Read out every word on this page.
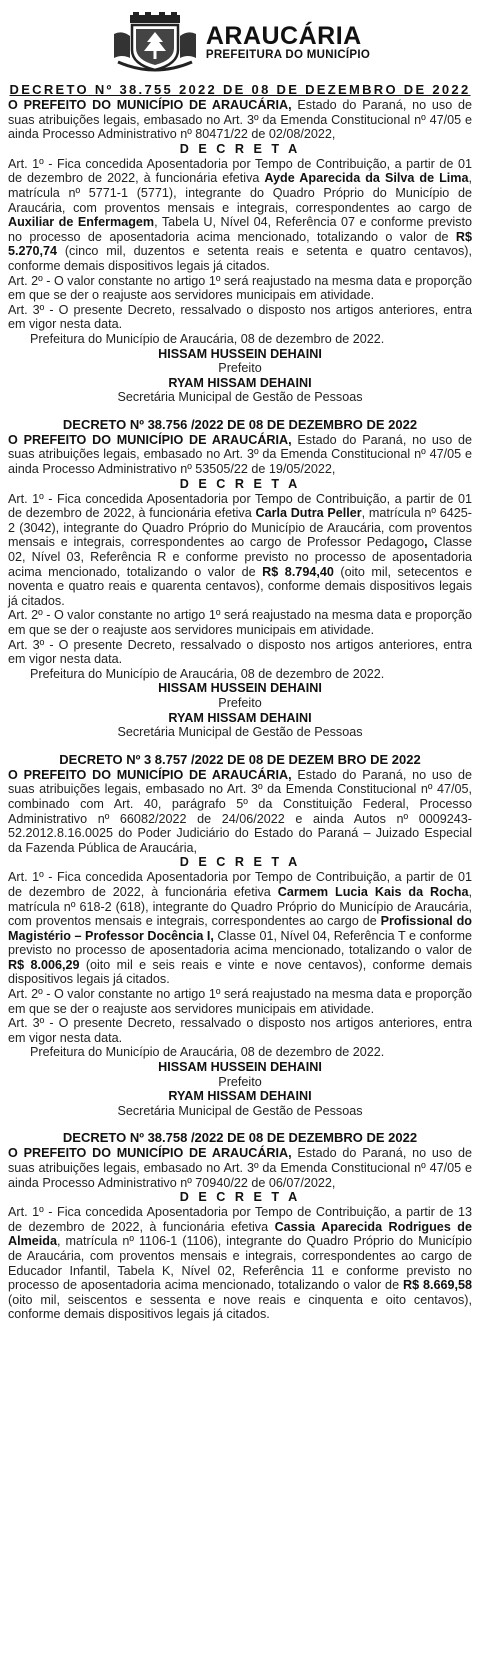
ARAUCÁRIA
PREFEITURA DO MUNICÍPIO
DECRETO Nº 38.755 2022 DE 08 DE DEZEMBRO DE 2022

O PREFEITO DO MUNICÍPIO DE ARAUCÁRIA, Estado do Paraná, no uso de suas atribuições legais, embasado no Art. 3º da Emenda Constitucional nº 47/05 e ainda Processo Administrativo nº 80471/22 de 02/08/2022,

D E C R E T A

Art. 1º - Fica concedida Aposentadoria por Tempo de Contribuição, a partir de 01 de dezembro de 2022, à funcionária efetiva Ayde Aparecida da Silva de Lima, matrícula nº 5771-1 (5771), integrante do Quadro Próprio do Município de Araucária, com proventos mensais e integrais, correspondentes ao cargo de Auxiliar de Enfermagem, Tabela U, Nível 04, Referência 07 e conforme previsto no processo de aposentadoria acima mencionado, totalizando o valor de R$ 5.270,74 (cinco mil, duzentos e setenta reais e setenta e quatro centavos), conforme demais dispositivos legais já citados.

Art. 2º - O valor constante no artigo 1º será reajustado na mesma data e proporção em que se der o reajuste aos servidores municipais em atividade.

Art. 3º - O presente Decreto, ressalvado o disposto nos artigos anteriores, entra em vigor nesta data.

Prefeitura do Município de Araucária, 08 de dezembro de 2022.
HISSAM HUSSEIN DEHAINI
Prefeito
RYAM HISSAM DEHAINI
Secretária Municipal de Gestão de Pessoas
DECRETO Nº 38.756 /2022 DE 08 DE DEZEMBRO DE 2022

O PREFEITO DO MUNICÍPIO DE ARAUCÁRIA, Estado do Paraná, no uso de suas atribuições legais, embasado no Art. 3º da Emenda Constitucional nº 47/05 e ainda Processo Administrativo nº 53505/22 de 19/05/2022,

D E C R E T A

Art. 1º - Fica concedida Aposentadoria por Tempo de Contribuição, a partir de 01 de dezembro de 2022, à funcionária efetiva Carla Dutra Peller, matrícula nº 6425-2 (3042), integrante do Quadro Próprio do Município de Araucária, com proventos mensais e integrais, correspondentes ao cargo de Professor Pedagogo, Classe 02, Nível 03, Referência R e conforme previsto no processo de aposentadoria acima mencionado, totalizando o valor de R$ 8.794,40 (oito mil, setecentos e noventa e quatro reais e quarenta centavos), conforme demais dispositivos legais já citados.

Art. 2º - O valor constante no artigo 1º será reajustado na mesma data e proporção em que se der o reajuste aos servidores municipais em atividade.

Art. 3º - O presente Decreto, ressalvado o disposto nos artigos anteriores, entra em vigor nesta data.

Prefeitura do Município de Araucária, 08 de dezembro de 2022.
HISSAM HUSSEIN DEHAINI
Prefeito
RYAM HISSAM DEHAINI
Secretária Municipal de Gestão de Pessoas
DECRETO Nº 3 8.757 /2022 DE 08 DE DEZEM BRO DE 2022

O PREFEITO DO MUNICÍPIO DE ARAUCÁRIA, Estado do Paraná, no uso de suas atribuições legais, embasado no Art. 3º da Emenda Constitucional nº 47/05, combinado com Art. 40, parágrafo 5º da Constituição Federal, Processo Administrativo nº 66082/2022 de 24/06/2022 e ainda Autos nº 0009243-52.2012.8.16.0025 do Poder Judiciário do Estado do Paraná – Juizado Especial da Fazenda Pública de Araucária,

D E C R E T A

Art. 1º - Fica concedida Aposentadoria por Tempo de Contribuição, a partir de 01 de dezembro de 2022, à funcionária efetiva Carmem Lucia Kais da Rocha, matrícula nº 618-2 (618), integrante do Quadro Próprio do Município de Araucária, com proventos mensais e integrais, correspondentes ao cargo de Profissional do Magistério – Professor Docência I, Classe 01, Nível 04, Referência T e conforme previsto no processo de aposentadoria acima mencionado, totalizando o valor de R$ 8.006,29 (oito mil e seis reais e vinte e nove centavos), conforme demais dispositivos legais já citados.

Art. 2º - O valor constante no artigo 1º será reajustado na mesma data e proporção em que se der o reajuste aos servidores municipais em atividade.

Art. 3º - O presente Decreto, ressalvado o disposto nos artigos anteriores, entra em vigor nesta data.

Prefeitura do Município de Araucária, 08 de dezembro de 2022.
HISSAM HUSSEIN DEHAINI
Prefeito
RYAM HISSAM DEHAINI
Secretária Municipal de Gestão de Pessoas
DECRETO Nº 38.758 /2022 DE 08 DE DEZEMBRO DE 2022

O PREFEITO DO MUNICÍPIO DE ARAUCÁRIA, Estado do Paraná, no uso de suas atribuições legais, embasado no Art. 3º da Emenda Constitucional nº 47/05 e ainda Processo Administrativo nº 70940/22 de 06/07/2022,

D E C R E T A

Art. 1º - Fica concedida Aposentadoria por Tempo de Contribuição, a partir de 13 de dezembro de 2022, à funcionária efetiva Cassia Aparecida Rodrigues de Almeida, matrícula nº 1106-1 (1106), integrante do Quadro Próprio do Município de Araucária, com proventos mensais e integrais, correspondentes ao cargo de Educador Infantil, Tabela K, Nível 02, Referência 11 e conforme previsto no processo de aposentadoria acima mencionado, totalizando o valor de R$ 8.669,58 (oito mil, seiscentos e sessenta e nove reais e cinquenta e oito centavos), conforme demais dispositivos legais já citados.
